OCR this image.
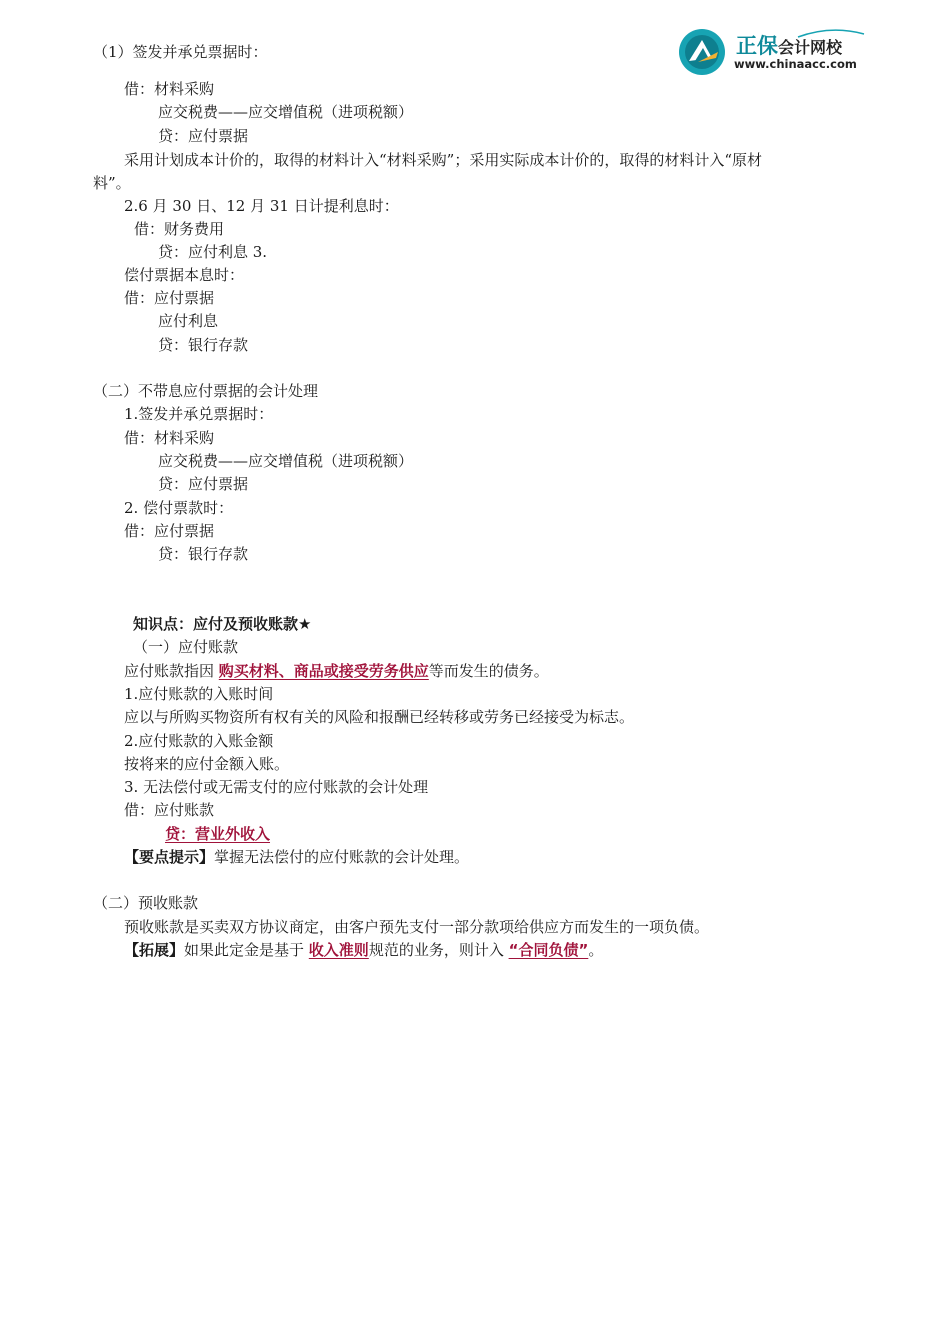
正保会计网校
www.chinaacc.com
（1）签发并承兑票据时：
借：材料采购
应交税费——应交增值税（进项税额）
贷：应付票据
采用计划成本计价的，取得的材料计入“材料采购”；采用实际成本计价的，取得的材料计入“原材
料”。
2.6 月 30 日、12 月 31 日计提利息时：
借：财务费用
贷：应付利息 3.
偿付票据本息时：
借：应付票据
应付利息
贷：银行存款
（二）不带息应付票据的会计处理
1.签发并承兑票据时：
借：材料采购
应交税费——应交增值税（进项税额）
贷：应付票据
2. 偿付票款时：
借：应付票据
贷：银行存款
知识点：应付及预收账款★
（一）应付账款
应付账款指因 购买材料、商品或接受劳务供应等而发生的债务。
1.应付账款的入账时间
应以与所购买物资所有权有关的风险和报酬已经转移或劳务已经接受为标志。
2.应付账款的入账金额
按将来的应付金额入账。
3. 无法偿付或无需支付的应付账款的会计处理
借：应付账款
贷：营业外收入
【要点提示】掌握无法偿付的应付账款的会计处理。
（二）预收账款
预收账款是买卖双方协议商定，由客户预先支付一部分款项给供应方而发生的一项负债。
【拓展】如果此定金是基于 收入准则规范的业务，则计入 “合同负债”。
